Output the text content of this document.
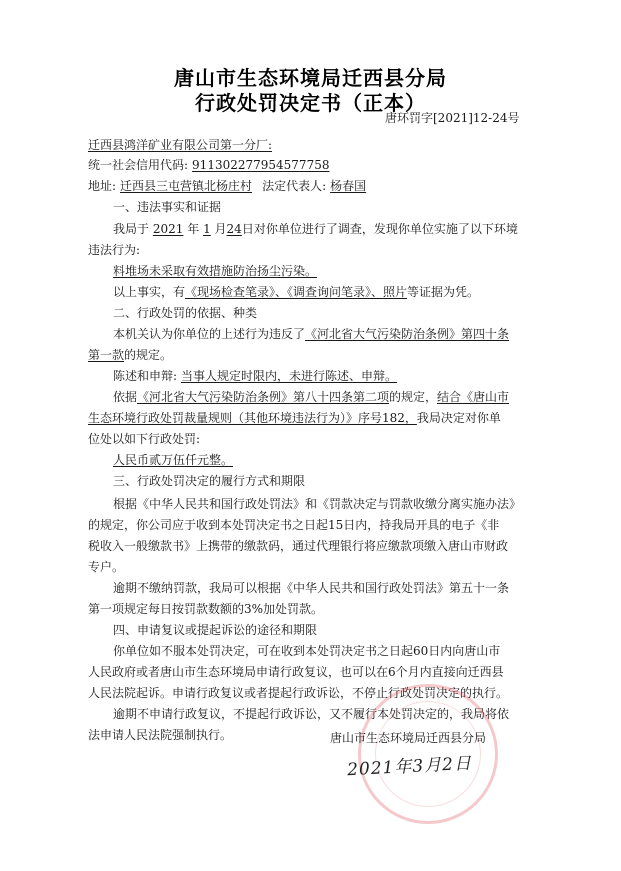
唐山市生态环境局迁西县分局
行政处罚决定书（正本）
唐环罚字[2021]12-24号
迁西县鸿洋矿业有限公司第一分厂:
统一社会信用代码: 911302277954577758
地址: 迁西县三屯营镇北杨庄村 法定代表人: 杨春国
一、违法事实和证据
我局于 2021 年 1 月24日对你单位进行了调查，发现你单位实施了以下环境
违法行为:
料堆场未采取有效措施防治扬尘污染。
以上事实，有《现场检查笔录》、《调查询问笔录》、照片等证据为凭。
二、行政处罚的依据、种类
本机关认为你单位的上述行为违反了《河北省大气污染防治条例》第四十条
第一款的规定。
陈述和申辩: 当事人规定时限内，未进行陈述、申辩。
依据《河北省大气污染防治条例》第八十四条第二项的规定，结合《唐山市
生态环境行政处罚裁量规则（其他环境违法行为）》序号182，我局决定对你单
位处以如下行政处罚:
人民币贰万伍仟元整。
三、行政处罚决定的履行方式和期限
根据《中华人民共和国行政处罚法》和《罚款决定与罚款收缴分离实施办法》
的规定，你公司应于收到本处罚决定书之日起15日内，持我局开具的电子《非
税收入一般缴款书》上携带的缴款码，通过代理银行将应缴款项缴入唐山市财政
专户。
逾期不缴纳罚款，我局可以根据《中华人民共和国行政处罚法》第五十一条
第一项规定每日按罚款数额的3%加处罚款。
四、申请复议或提起诉讼的途径和期限
你单位如不服本处罚决定，可在收到本处罚决定书之日起60日内向唐山市
人民政府或者唐山市生态环境局申请行政复议，也可以在6个月内直接向迁西县
人民法院起诉。申请行政复议或者提起行政诉讼，不停止行政处罚决定的执行。
逾期不申请行政复议，不提起行政诉讼，又不履行本处罚决定的，我局将依
法申请人民法院强制执行。	唐山市生态环境局迁西县分局
2021年3月2日
